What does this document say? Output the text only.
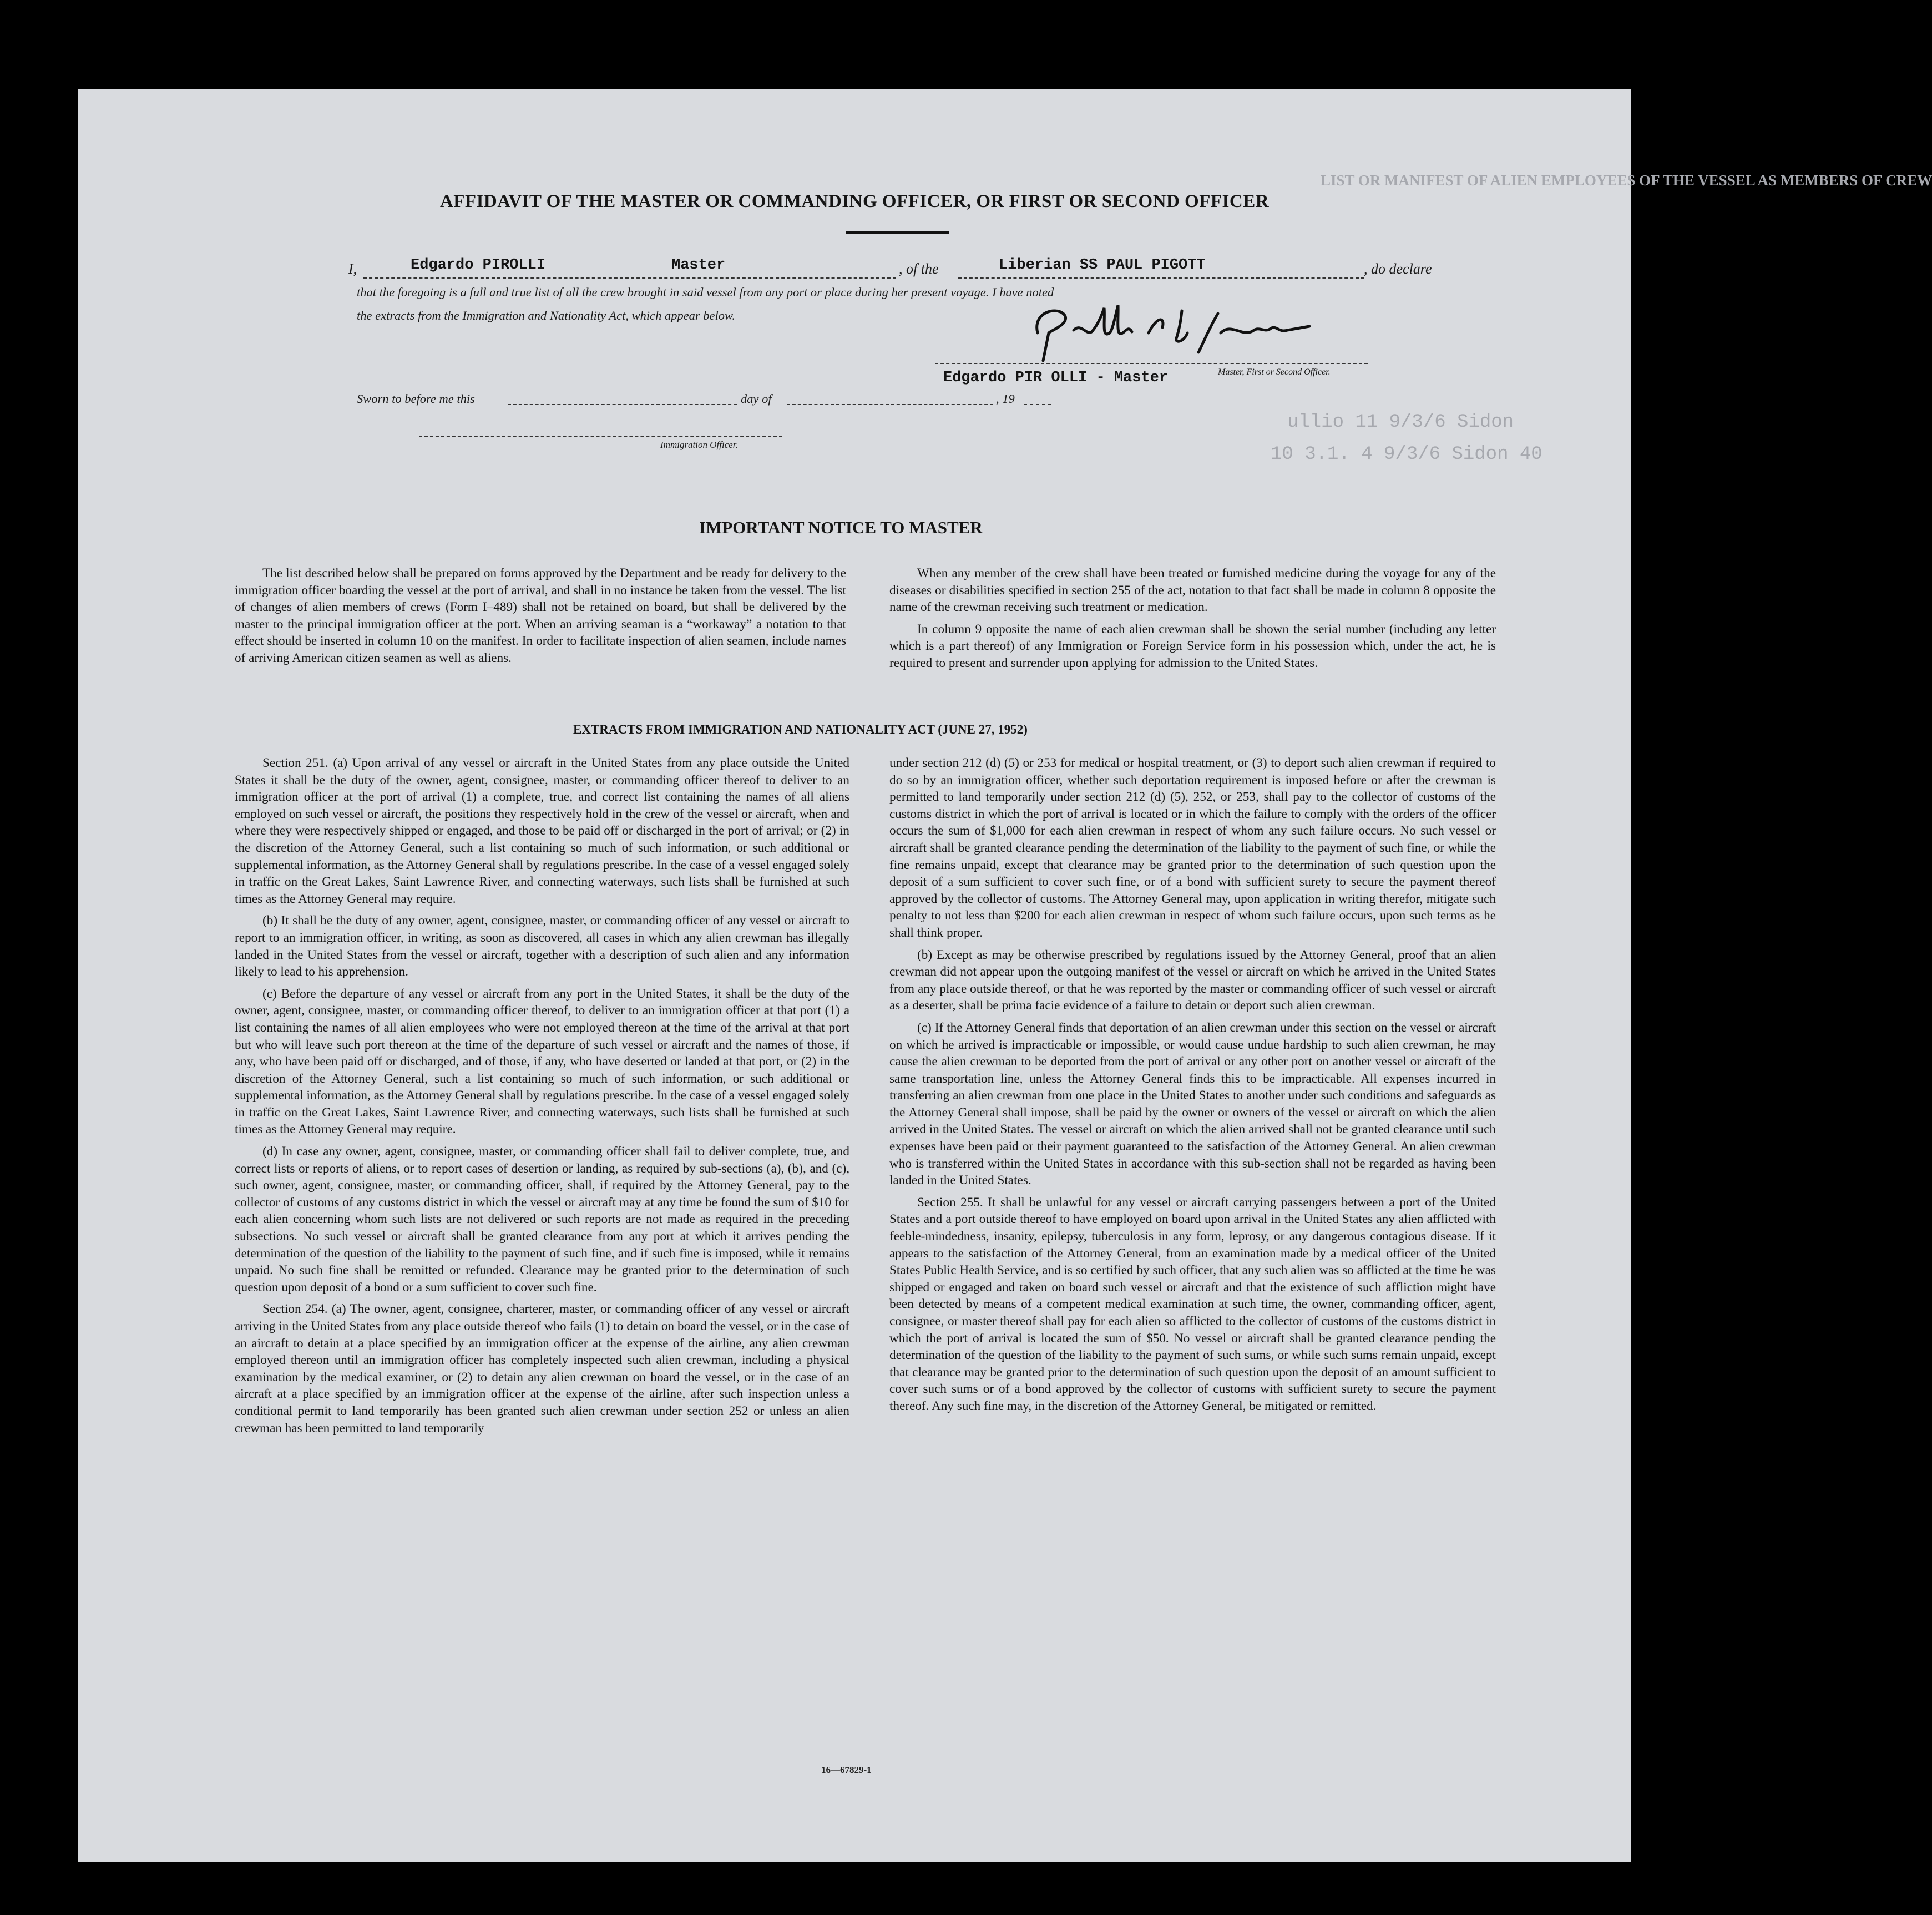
LIST OR MANIFEST OF ALIEN EMPLOYEES OF THE VESSEL AS MEMBERS OF CREW
ullio 11 9/3/6 Sidon
10 3.1. 4 9/3/6 Sidon 40
AFFIDAVIT OF THE MASTER OR COMMANDING OFFICER, OR FIRST OR SECOND OFFICER
I,	Edgardo PIROLLI	Master	, of the	Liberian SS PAUL PIGOTT	, do declare
that the foregoing is a full and true list of all the crew brought in said vessel from any port or place during her present voyage. I have noted
the extracts from the Immigration and Nationality Act, which appear below.
Edgardo PIR OLLI - Master	Master, First or Second Officer.
Sworn to before me this	day of	, 19
Immigration Officer.
IMPORTANT NOTICE TO MASTER

The list described below shall be prepared on forms approved by the Department and be ready for delivery to the immigration officer boarding the vessel at the port of arrival, and shall in no instance be taken from the vessel. The list of changes of alien members of crews (Form I–489) shall not be retained on board, but shall be delivered by the master to the principal immigration officer at the port. When an arriving seaman is a “workaway” a notation to that effect should be inserted in column 10 on the manifest. In order to facilitate inspection of alien seamen, include names of arriving American citizen seamen as well as aliens.

When any member of the crew shall have been treated or furnished medicine during the voyage for any of the diseases or disabilities specified in section 255 of the act, notation to that fact shall be made in column 8 opposite the name of the crewman receiving such treatment or medication.

In column 9 opposite the name of each alien crewman shall be shown the serial number (including any letter which is a part thereof) of any Immigration or Foreign Service form in his possession which, under the act, he is required to present and surrender upon applying for admission to the United States.

EXTRACTS FROM IMMIGRATION AND NATIONALITY ACT (JUNE 27, 1952)

Section 251. (a) Upon arrival of any vessel or aircraft in the United States from any place outside the United States it shall be the duty of the owner, agent, consignee, master, or commanding officer thereof to deliver to an immigration officer at the port of arrival (1) a complete, true, and correct list containing the names of all aliens employed on such vessel or aircraft, the positions they respectively hold in the crew of the vessel or aircraft, when and where they were respectively shipped or engaged, and those to be paid off or discharged in the port of arrival; or (2) in the discretion of the Attorney General, such a list containing so much of such information, or such additional or supplemental information, as the Attorney General shall by regulations prescribe. In the case of a vessel engaged solely in traffic on the Great Lakes, Saint Lawrence River, and connecting waterways, such lists shall be furnished at such times as the Attorney General may require.

(b) It shall be the duty of any owner, agent, consignee, master, or commanding officer of any vessel or aircraft to report to an immigration officer, in writing, as soon as discovered, all cases in which any alien crewman has illegally landed in the United States from the vessel or aircraft, together with a description of such alien and any information likely to lead to his apprehension.

(c) Before the departure of any vessel or aircraft from any port in the United States, it shall be the duty of the owner, agent, consignee, master, or commanding officer thereof, to deliver to an immigration officer at that port (1) a list containing the names of all alien employees who were not employed thereon at the time of the arrival at that port but who will leave such port thereon at the time of the departure of such vessel or aircraft and the names of those, if any, who have been paid off or discharged, and of those, if any, who have deserted or landed at that port, or (2) in the discretion of the Attorney General, such a list containing so much of such information, or such additional or supplemental information, as the Attorney General shall by regulations prescribe. In the case of a vessel engaged solely in traffic on the Great Lakes, Saint Lawrence River, and connecting waterways, such lists shall be furnished at such times as the Attorney General may require.

(d) In case any owner, agent, consignee, master, or commanding officer shall fail to deliver complete, true, and correct lists or reports of aliens, or to report cases of desertion or landing, as required by sub-sections (a), (b), and (c), such owner, agent, consignee, master, or commanding officer, shall, if required by the Attorney General, pay to the collector of customs of any customs district in which the vessel or aircraft may at any time be found the sum of $10 for each alien concerning whom such lists are not delivered or such reports are not made as required in the preceding subsections. No such vessel or aircraft shall be granted clearance from any port at which it arrives pending the determination of the question of the liability to the payment of such fine, and if such fine is imposed, while it remains unpaid. No such fine shall be remitted or refunded. Clearance may be granted prior to the determination of such question upon deposit of a bond or a sum sufficient to cover such fine.

Section 254. (a) The owner, agent, consignee, charterer, master, or commanding officer of any vessel or aircraft arriving in the United States from any place outside thereof who fails (1) to detain on board the vessel, or in the case of an aircraft to detain at a place specified by an immigration officer at the expense of the airline, any alien crewman employed thereon until an immigration officer has completely inspected such alien crewman, including a physical examination by the medical examiner, or (2) to detain any alien crewman on board the vessel, or in the case of an aircraft at a place specified by an immigration officer at the expense of the airline, after such inspection unless a conditional permit to land temporarily has been granted such alien crewman under section 252 or unless an alien crewman has been permitted to land temporarily

under section 212 (d) (5) or 253 for medical or hospital treatment, or (3) to deport such alien crewman if required to do so by an immigration officer, whether such deportation requirement is imposed before or after the crewman is permitted to land temporarily under section 212 (d) (5), 252, or 253, shall pay to the collector of customs of the customs district in which the port of arrival is located or in which the failure to comply with the orders of the officer occurs the sum of $1,000 for each alien crewman in respect of whom any such failure occurs. No such vessel or aircraft shall be granted clearance pending the determination of the liability to the payment of such fine, or while the fine remains unpaid, except that clearance may be granted prior to the determination of such question upon the deposit of a sum sufficient to cover such fine, or of a bond with sufficient surety to secure the payment thereof approved by the collector of customs. The Attorney General may, upon application in writing therefor, mitigate such penalty to not less than $200 for each alien crewman in respect of whom such failure occurs, upon such terms as he shall think proper.

(b) Except as may be otherwise prescribed by regulations issued by the Attorney General, proof that an alien crewman did not appear upon the outgoing manifest of the vessel or aircraft on which he arrived in the United States from any place outside thereof, or that he was reported by the master or commanding officer of such vessel or aircraft as a deserter, shall be prima facie evidence of a failure to detain or deport such alien crewman.

(c) If the Attorney General finds that deportation of an alien crewman under this section on the vessel or aircraft on which he arrived is impracticable or impossible, or would cause undue hardship to such alien crewman, he may cause the alien crewman to be deported from the port of arrival or any other port on another vessel or aircraft of the same transportation line, unless the Attorney General finds this to be impracticable. All expenses incurred in transferring an alien crewman from one place in the United States to another under such conditions and safeguards as the Attorney General shall impose, shall be paid by the owner or owners of the vessel or aircraft on which the alien arrived in the United States. The vessel or aircraft on which the alien arrived shall not be granted clearance until such expenses have been paid or their payment guaranteed to the satisfaction of the Attorney General. An alien crewman who is transferred within the United States in accordance with this sub-section shall not be regarded as having been landed in the United States.

Section 255. It shall be unlawful for any vessel or aircraft carrying passengers between a port of the United States and a port outside thereof to have employed on board upon arrival in the United States any alien afflicted with feeble-mindedness, insanity, epilepsy, tuberculosis in any form, leprosy, or any dangerous contagious disease. If it appears to the satisfaction of the Attorney General, from an examination made by a medical officer of the United States Public Health Service, and is so certified by such officer, that any such alien was so afflicted at the time he was shipped or engaged and taken on board such vessel or aircraft and that the existence of such affliction might have been detected by means of a competent medical examination at such time, the owner, commanding officer, agent, consignee, or master thereof shall pay for each alien so afflicted to the collector of customs of the customs district in which the port of arrival is located the sum of $50. No vessel or aircraft shall be granted clearance pending the determination of the question of the liability to the payment of such sums, or while such sums remain unpaid, except that clearance may be granted prior to the determination of such question upon the deposit of an amount sufficient to cover such sums or of a bond approved by the collector of customs with sufficient surety to secure the payment thereof. Any such fine may, in the discretion of the Attorney General, be mitigated or remitted.

16—67829-1
